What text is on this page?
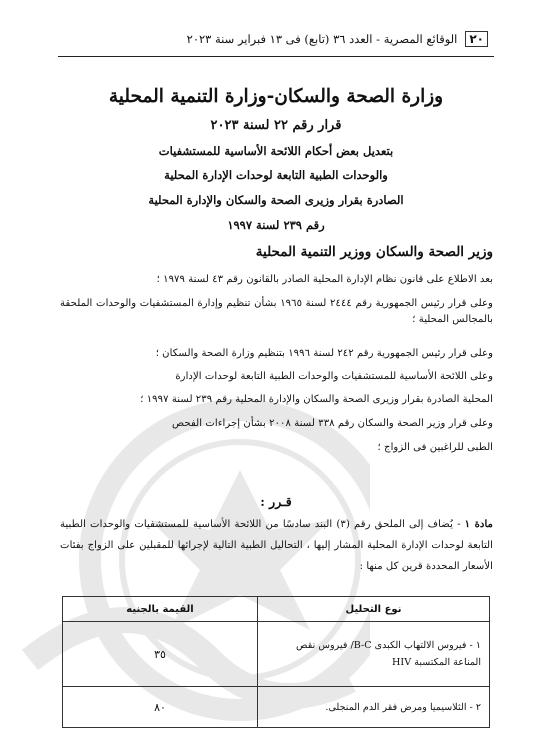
٢٠
الوقائع المصرية - العدد ٣٦ (تابع) فى ١٣ فبراير سنة ٢٠٢٣
وزارة الصحة والسكان-وزارة التنمية المحلية
قرار رقم ٢٢ لسنة ٢٠٢٣
بتعديل بعض أحكام اللائحة الأساسية للمستشفيات
والوحدات الطبية التابعة لوحدات الإدارة المحلية
الصادرة بقرار وزيرى الصحة والسكان والإدارة المحلية
رقم ٢٣٩ لسنة ١٩٩٧
وزير الصحة والسكان ووزير التنمية المحلية
بعد الاطلاع على قانون نظام الإدارة المحلية الصادر بالقانون رقم ٤٣ لسنة ١٩٧٩ ؛
وعلى قرار رئيس الجمهورية رقم ٢٤٤٤ لسنة ١٩٦٥ بشأن تنظيم وإدارة المستشفيات والوحدات الملحقة بالمجالس المحلية ؛
وعلى قرار رئيس الجمهورية رقم ٢٤٢ لسنة ١٩٩٦ بتنظيم وزارة الصحة والسكان ؛
وعلى اللائحة الأساسية للمستشفيات والوحدات الطبية التابعة لوحدات الإدارة
المحلية الصادرة بقرار وزيرى الصحة والسكان والإدارة المحلية رقم ٢٣٩ لسنة ١٩٩٧ ؛
وعلى قرار وزير الصحة والسكان رقم ٣٣٨ لسنة ٢٠٠٨ بشأن إجراءات الفحص
الطبى للراغبين فى الزواج ؛
قـرر :
مادة ١ - يُضاف إلى الملحق رقم (٣) البند سادسًا من اللائحة الأساسية للمستشفيات والوحدات الطبية التابعة لوحدات الإدارة المحلية المشار إليها ، التحاليل الطبية التالية لإجرائها للمقبلين على الزواج بفئات الأسعار المحددة قرين كل منها :
نوع التحليل	القيمة بالجنيه
١ - فيروس الالتهاب الكبدى B-C/ فيروس نقص المناعة المكتسبة HIV	٣٥
٢ - الثلاسيميا ومرض فقر الدم المنجلى.	٨٠
